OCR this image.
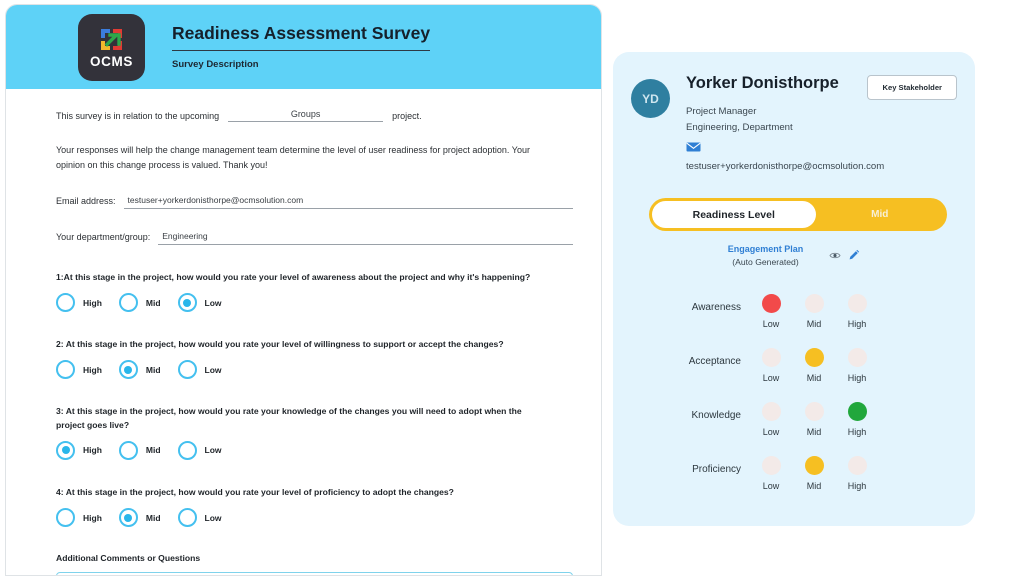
OCMS
Readiness Assessment Survey
Survey Description
This survey is in relation to the upcoming	Groups	project.
Your responses will help the change management team determine the level of user readiness for project adoption. Your opinion on this change process is valued. Thank you!
Email address:	testuser+yorkerdonisthorpe@ocmsolution.com
Your department/group:	Engineering
1:At this stage in the project, how would you rate your level of awareness about the project and why it's happening?
High	Mid	Low
2: At this stage in the project, how would you rate your level of willingness to support or accept the changes?
High	Mid	Low
3: At this stage in the project, how would you rate your knowledge of the changes you will need to adopt when the project goes live?
High	Mid	Low
4: At this stage in the project, how would you rate your level of proficiency to adopt the changes?
High	Mid	Low
Additional Comments or Questions
YD
Yorker Donisthorpe	Key Stakeholder
Project Manager
Engineering, Department
testuser+yorkerdonisthorpe@ocmsolution.com
Readiness Level	Mid
Engagement Plan
(Auto Generated)
Awareness
Low	Mid	High
Acceptance
Low	Mid	High
Knowledge
Low	Mid	High
Proficiency
Low	Mid	High
